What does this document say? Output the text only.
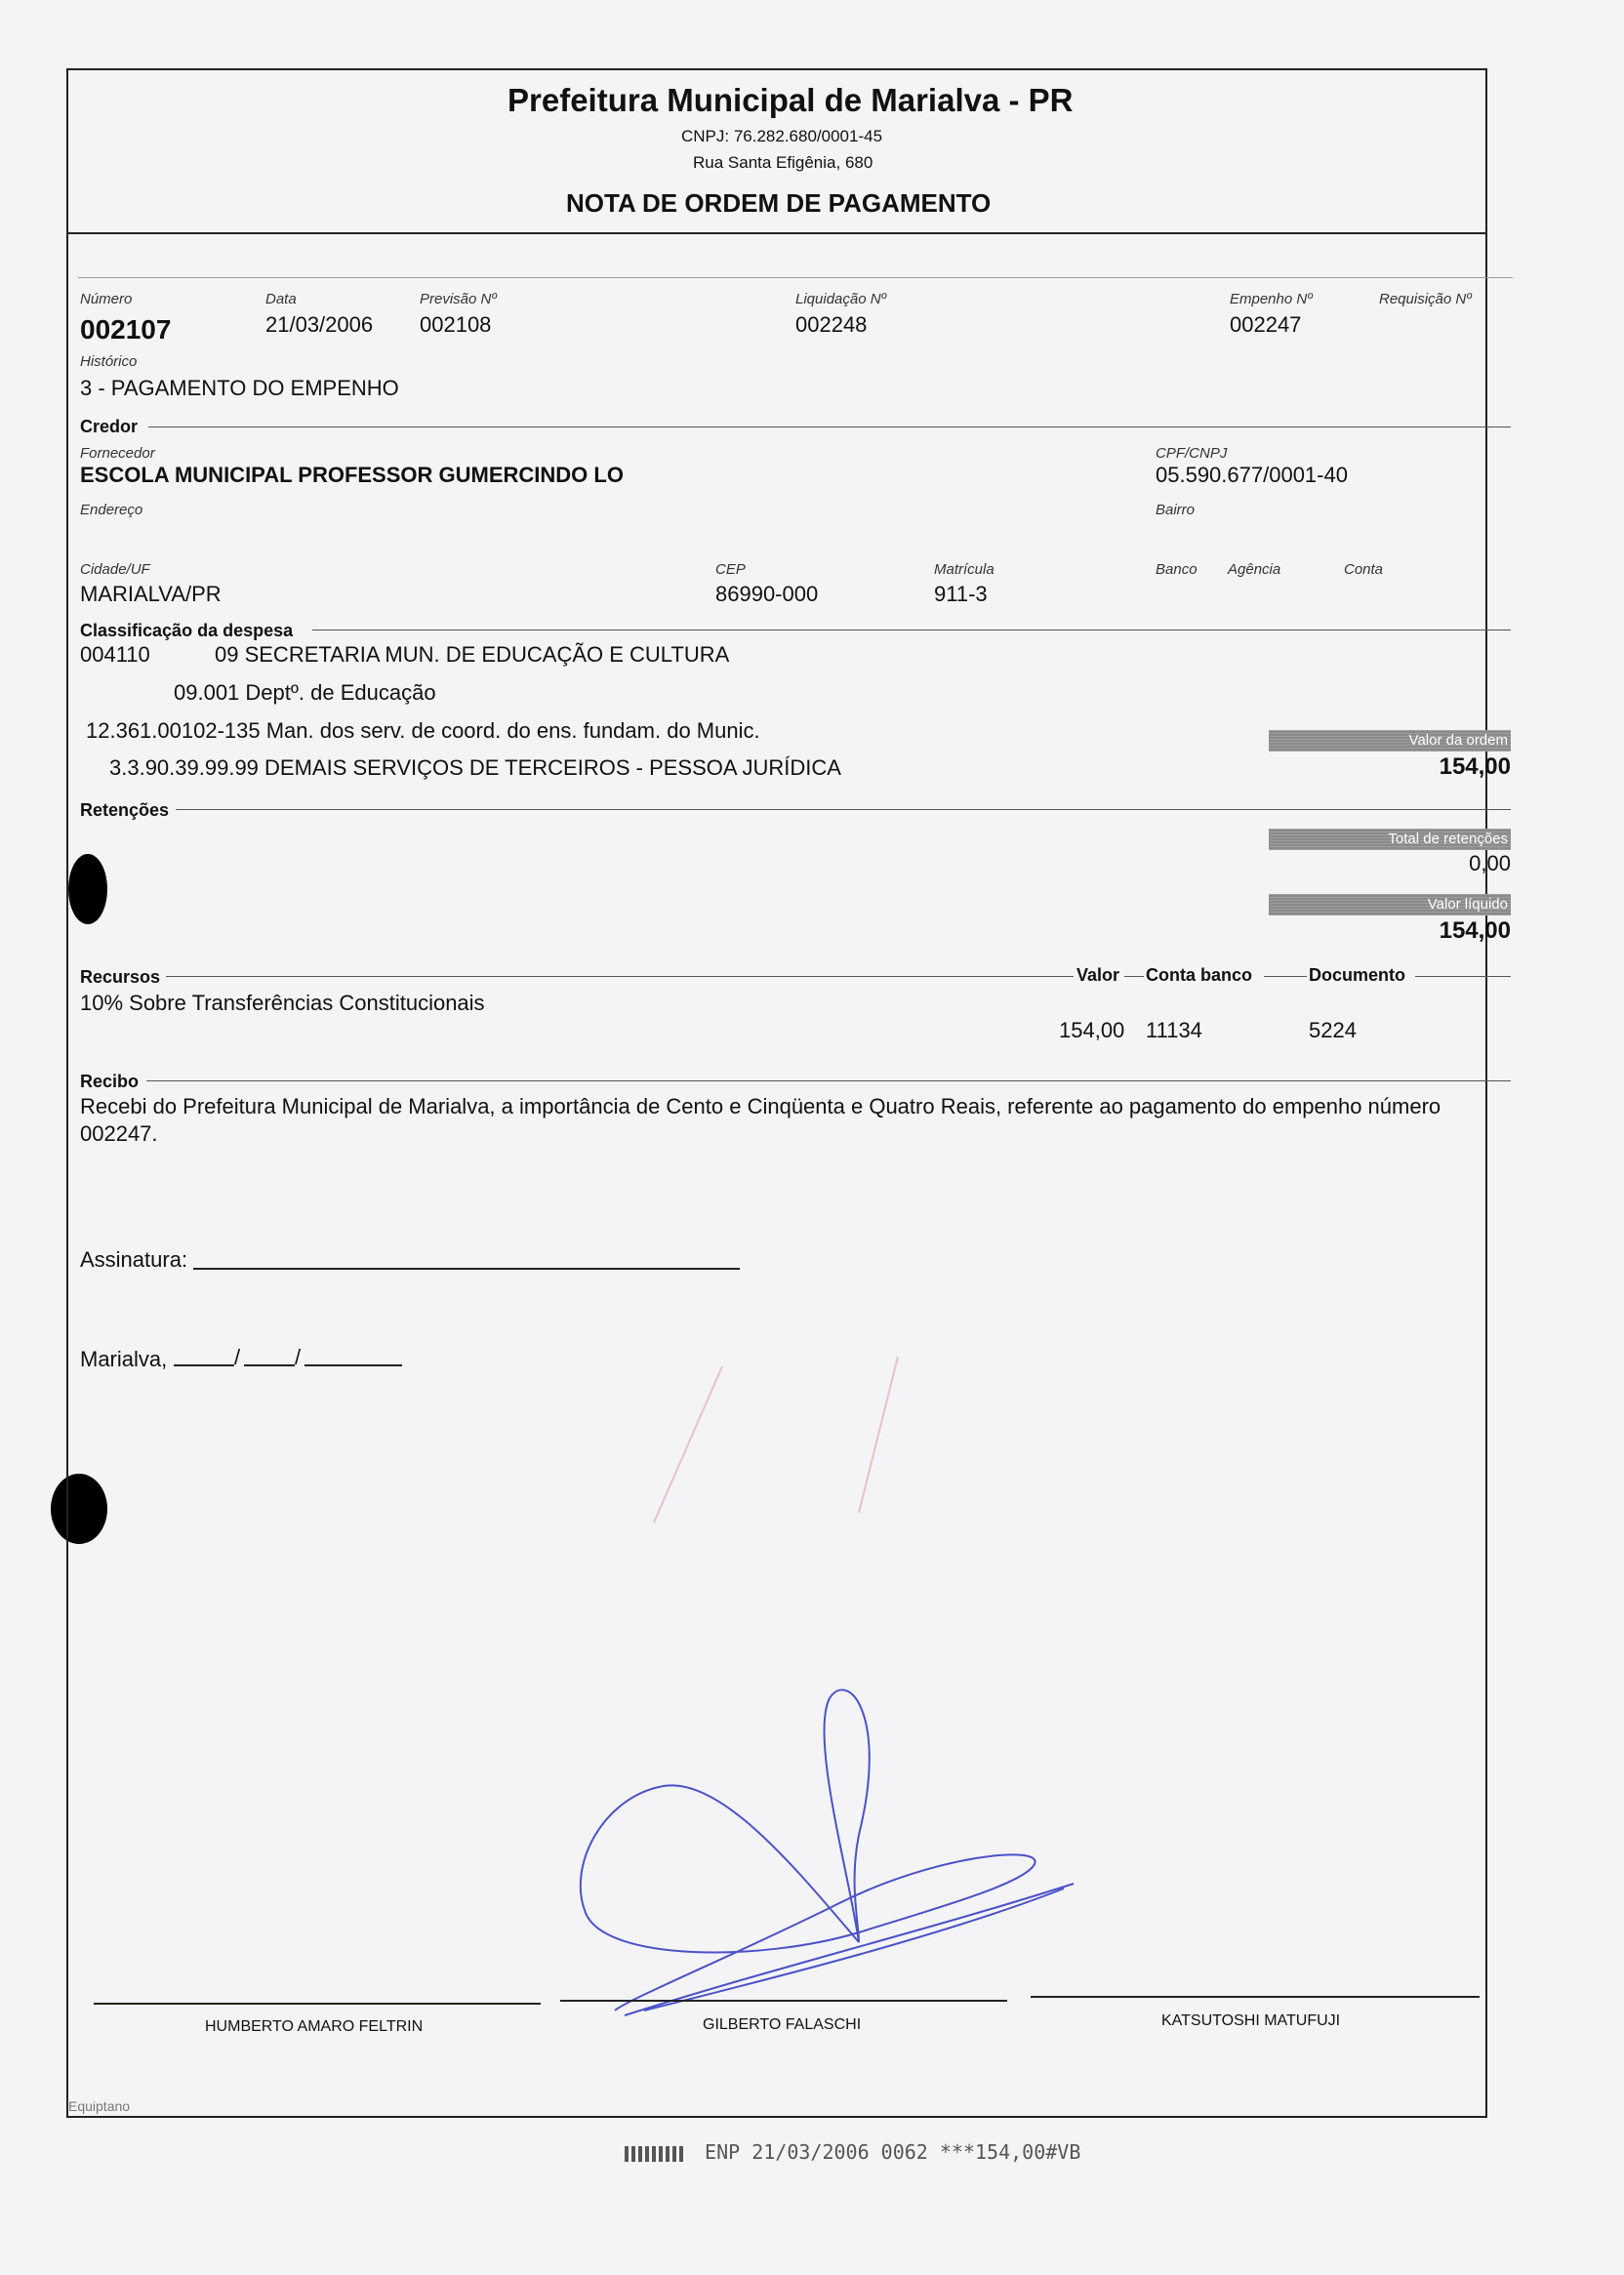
Prefeitura Municipal de Marialva - PR
CNPJ: 76.282.680/0001-45
Rua Santa Efigênia, 680
NOTA DE ORDEM DE PAGAMENTO
Número
002107
Data
21/03/2006
Previsão Nº
002108
Liquidação Nº
002248
Empenho Nº
002247
Requisição Nº
Histórico
3 - PAGAMENTO DO EMPENHO
Credor
Fornecedor
ESCOLA MUNICIPAL PROFESSOR GUMERCINDO LO
CPF/CNPJ
05.590.677/0001-40
Endereço	Bairro
Cidade/UF
MARIALVA/PR
CEP
86990-000
Matrícula
911-3
Banco Agência	Conta
Classificação da despesa
004110	09 SECRETARIA MUN. DE EDUCAÇÃO E CULTURA
09.001 Deptº. de Educação
12.361.00102-135 Man. dos serv. de coord. do ens. fundam. do Munic.
3.3.90.39.99.99 DEMAIS SERVIÇOS DE TERCEIROS - PESSOA JURÍDICA
Valor da ordem
154,00
Retenções
Total de retenções
0,00
Valor líquido
154,00
Recursos	Valor Conta banco	Documento
10% Sobre Transferências Constitucionais
154,00 11134	5224
Recibo
Recebi do Prefeitura Municipal de Marialva, a importância de Cento e Cinqüenta e Quatro Reais, referente ao pagamento do empenho número 002247.
Assinatura:
Marialva,	/	/
HUMBERTO AMARO FELTRIN	GILBERTO FALASCHI	KATSUTOSHI MATUFUJI
Equiptano
ENP 21/03/2006 0062 ***154,00#VB
